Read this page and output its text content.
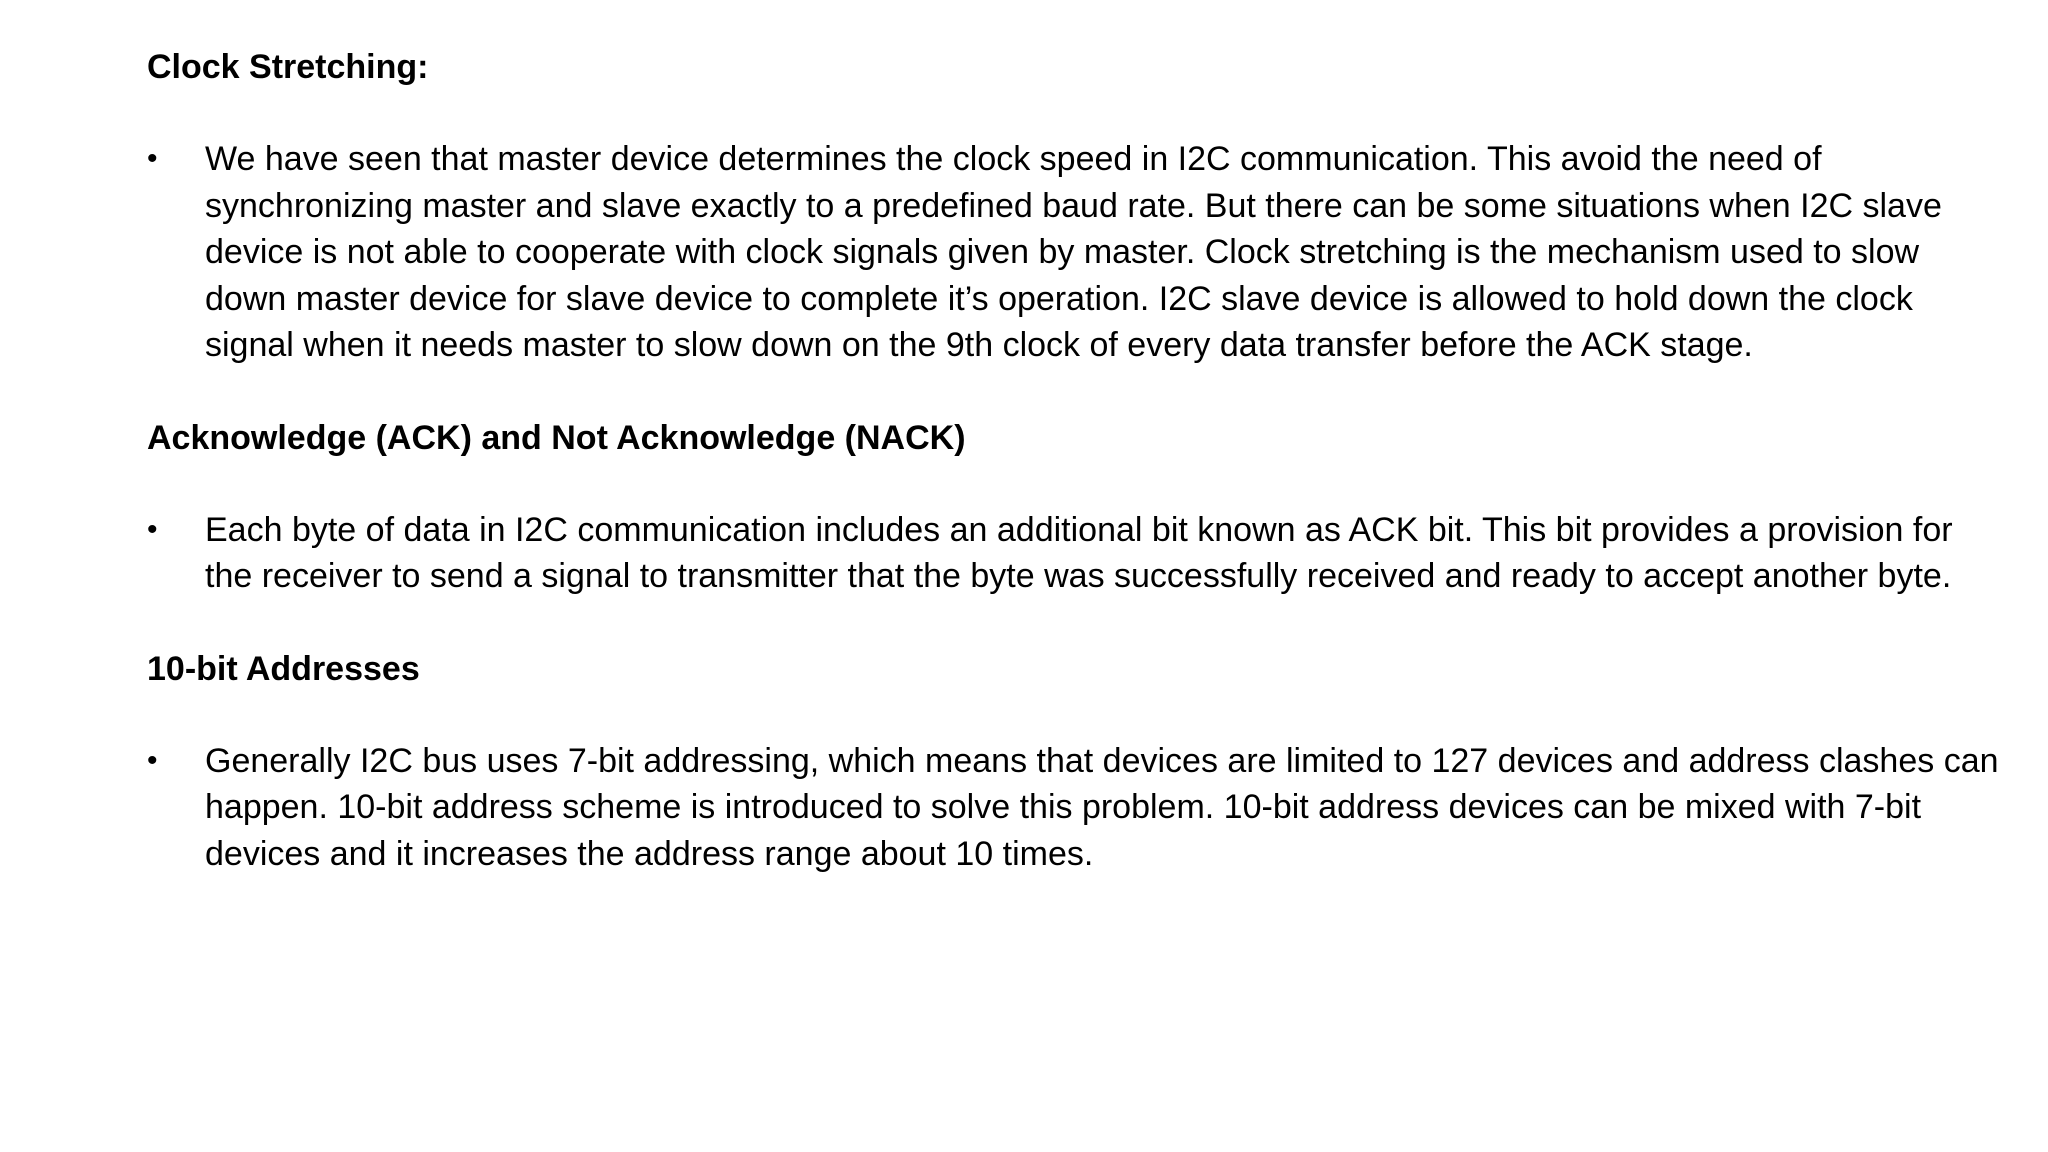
Clock Stretching:

• We have seen that master device determines the clock speed in I2C communication. This avoid the need of synchronizing master and slave exactly to a predefined baud rate. But there can be some situations when I2C slave device is not able to cooperate with clock signals given by master. Clock stretching is the mechanism used to slow down master device for slave device to complete it’s operation. I2C slave device is allowed to hold down the clock signal when it needs master to slow down on the 9th clock of every data transfer before the ACK stage.

Acknowledge (ACK) and Not Acknowledge (NACK)

• Each byte of data in I2C communication includes an additional bit known as ACK bit. This bit provides a provision for the receiver to send a signal to transmitter that the byte was successfully received and ready to accept another byte.

10-bit Addresses

• Generally I2C bus uses 7-bit addressing, which means that devices are limited to 127 devices and address clashes can happen. 10-bit address scheme is introduced to solve this problem. 10-bit address devices can be mixed with 7-bit devices and it increases the address range about 10 times.
